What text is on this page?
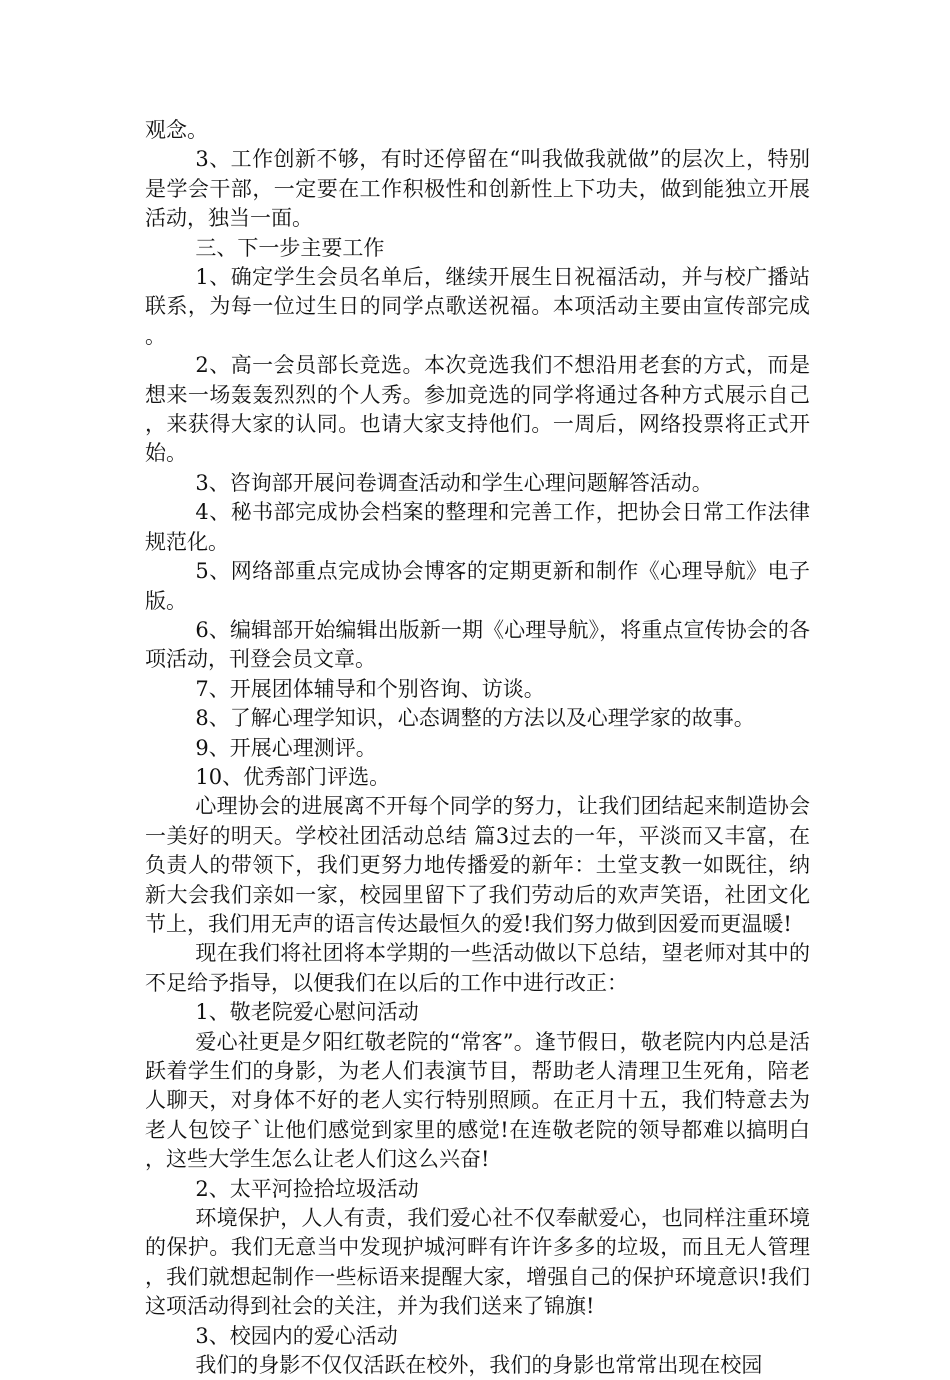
观念。

3、工作创新不够，有时还停留在“叫我做我就做”的层次上，特别是学会干部，一定要在工作积极性和创新性上下功夫，做到能独立开展活动，独当一面。

三、下一步主要工作

1、确定学生会员名单后，继续开展生日祝福活动，并与校广播站联系，为每一位过生日的同学点歌送祝福。本项活动主要由宣传部完成。

2、高一会员部长竞选。本次竞选我们不想沿用老套的方式，而是想来一场轰轰烈烈的个人秀。参加竞选的同学将通过各种方式展示自己，来获得大家的认同。也请大家支持他们。一周后，网络投票将正式开始。

3、咨询部开展问卷调查活动和学生心理问题解答活动。

4、秘书部完成协会档案的整理和完善工作，把协会日常工作法律规范化。

5、网络部重点完成协会博客的定期更新和制作《心理导航》电子版。

6、编辑部开始编辑出版新一期《心理导航》，将重点宣传协会的各项活动，刊登会员文章。

7、开展团体辅导和个别咨询、访谈。

8、了解心理学知识，心态调整的方法以及心理学家的故事。

9、开展心理测评。

10、优秀部门评选。

心理协会的进展离不开每个同学的努力，让我们团结起来制造协会一美好的明天。学校社团活动总结 篇3过去的一年，平淡而又丰富，在负责人的带领下，我们更努力地传播爱的新年：土堂支教一如既往，纳新大会我们亲如一家，校园里留下了我们劳动后的欢声笑语，社团文化节上，我们用无声的语言传达最恒久的爱!我们努力做到因爱而更温暖!

现在我们将社团将本学期的一些活动做以下总结，望老师对其中的不足给予指导，以便我们在以后的工作中进行改正：

1、敬老院爱心慰问活动

爱心社更是夕阳红敬老院的“常客”。逢节假日，敬老院内内总是活跃着学生们的身影，为老人们表演节目，帮助老人清理卫生死角，陪老人聊天，对身体不好的老人实行特别照顾。在正月十五，我们特意去为老人包饺子`让他们感觉到家里的感觉!在连敬老院的领导都难以搞明白，这些大学生怎么让老人们这么兴奋!

2、太平河捡拾垃圾活动

环境保护，人人有责，我们爱心社不仅奉献爱心，也同样注重环境的保护。我们无意当中发现护城河畔有许许多多的垃圾，而且无人管理，我们就想起制作一些标语来提醒大家，增强自己的保护环境意识!我们这项活动得到社会的关注，并为我们送来了锦旗!

3、校园内的爱心活动

我们的身影不仅仅活跃在校外，我们的身影也常常出现在校园
